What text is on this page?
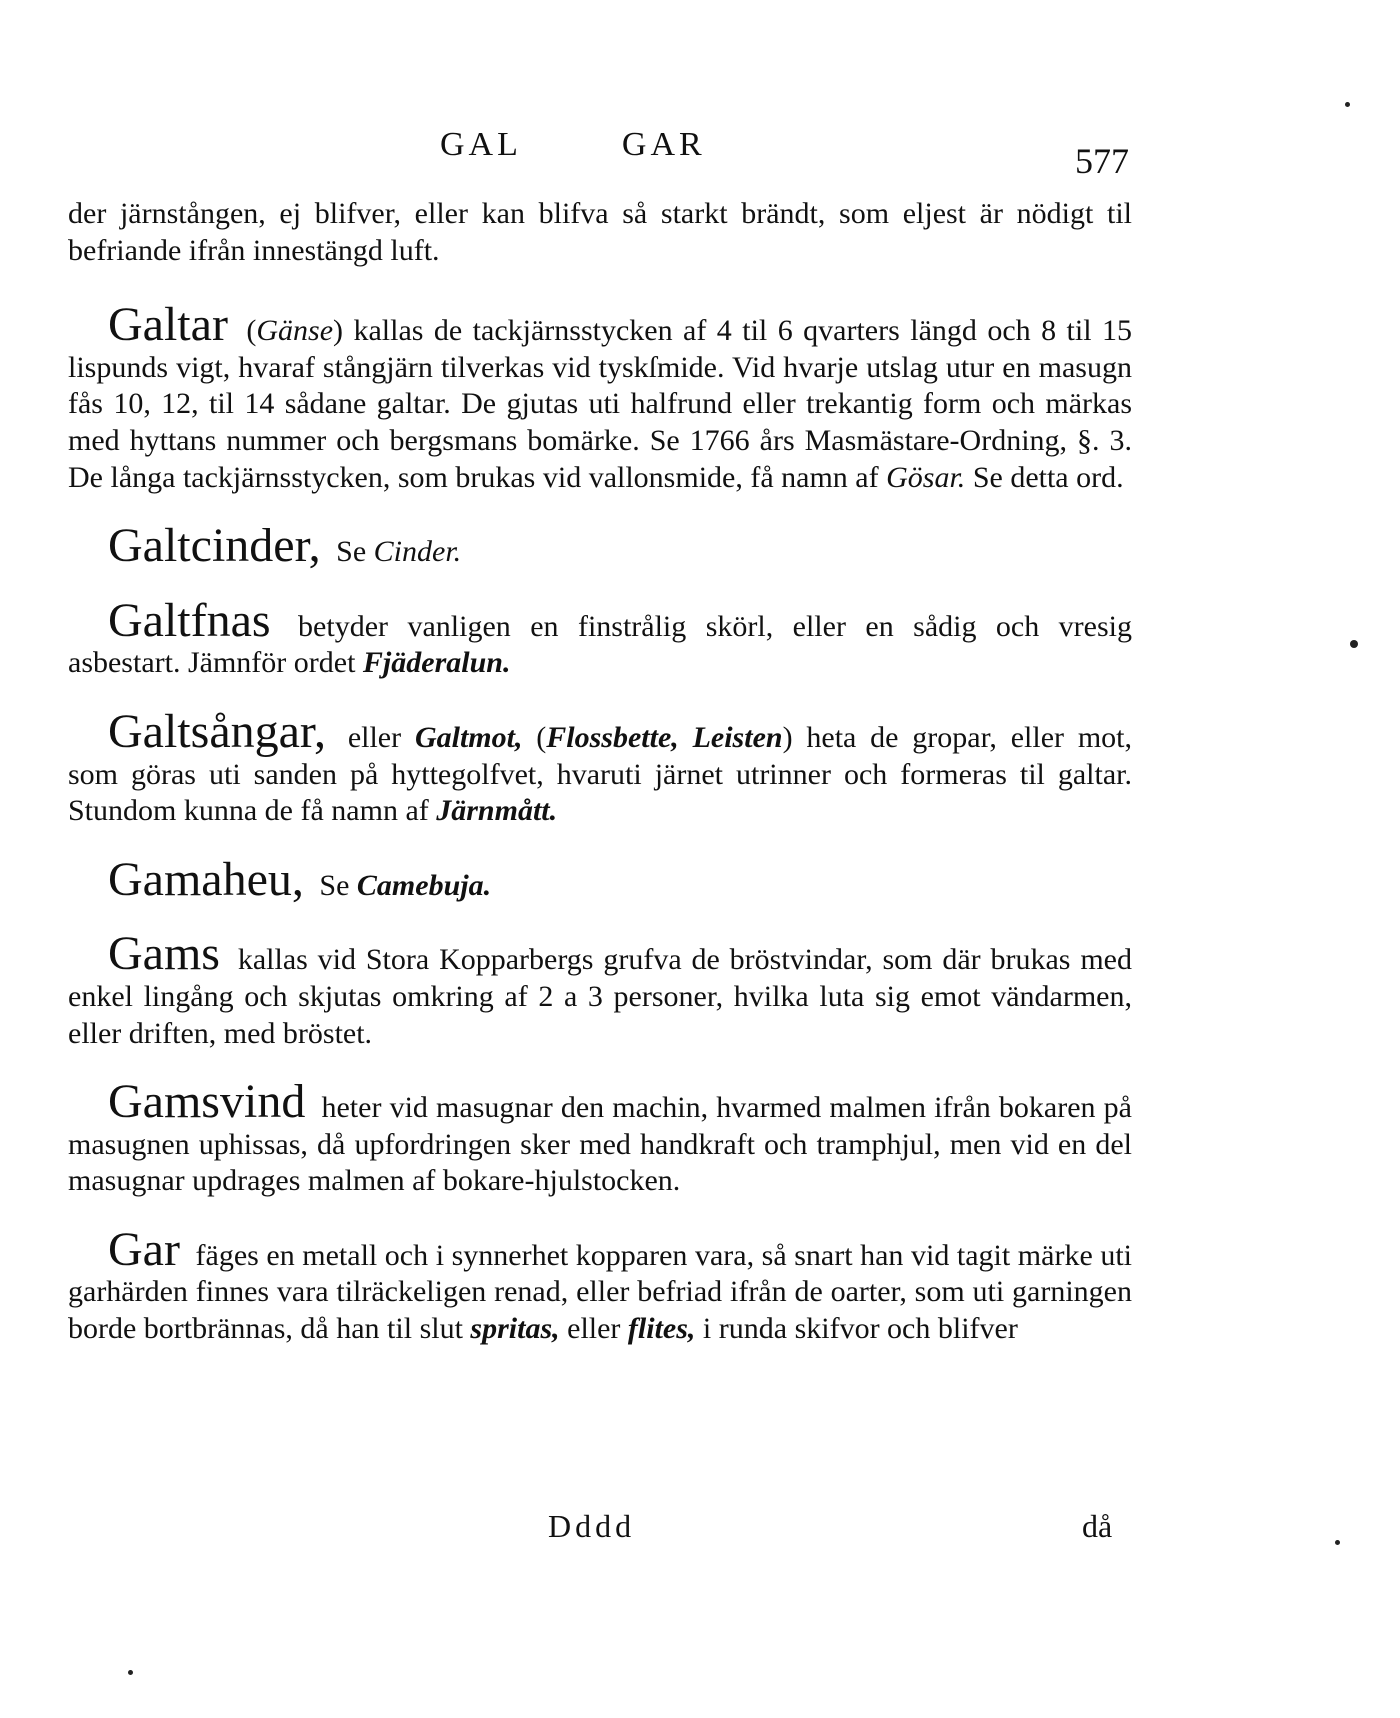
GAL	GAR	577

der järnstången, ej blifver, eller kan blifva så starkt brändt, som eljest är nödigt til befriande ifrån innestängd luft.

Galtar (Gänse) kallas de tackjärnsstycken af 4 til 6 qvarters längd och 8 til 15 lispunds vigt, hvaraf stångjärn tilverkas vid tyskſmide. Vid hvarje utslag utur en masugn fås 10, 12, til 14 sådane galtar. De gjutas uti halfrund eller trekantig form och märkas med hyttans nummer och bergsmans bomärke. Se 1766 års Masmästare-Ordning, §. 3. De långa tackjärnsstycken, som brukas vid vallonsmide, få namn af Gösar. Se detta ord.

Galtcinder, Se Cinder.

Galtfnas betyder vanligen en finstrålig skörl, eller en sådig och vresig asbestart. Jämnför ordet Fjäderalun.

Galtsångar, eller Galtmot, (Flossbette, Leisten) heta de gropar, eller mot, som göras uti sanden på hyttegolfvet, hvaruti järnet utrinner och formeras til galtar. Stundom kunna de få namn af Järnmått.

Gamaheu, Se Camebuja.

Gams kallas vid Stora Kopparbergs grufva de bröstvindar, som där brukas med enkel lingång och skjutas omkring af 2 a 3 personer, hvilka luta sig emot vändarmen, eller driften, med bröstet.

Gamsvind heter vid masugnar den machin, hvarmed malmen ifrån bokaren på masugnen uphissas, då upfordringen sker med handkraft och tramphjul, men vid en del masugnar updrages malmen af bokare-hjulstocken.

Gar fäges en metall och i synnerhet kopparen vara, så snart han vid tagit märke uti garhärden finnes vara tilräckeligen renad, eller befriad ifrån de oarter, som uti garningen borde bortbrännas, då han til slut spritas, eller flites, i runda skifvor och blifver

Dddd	då
